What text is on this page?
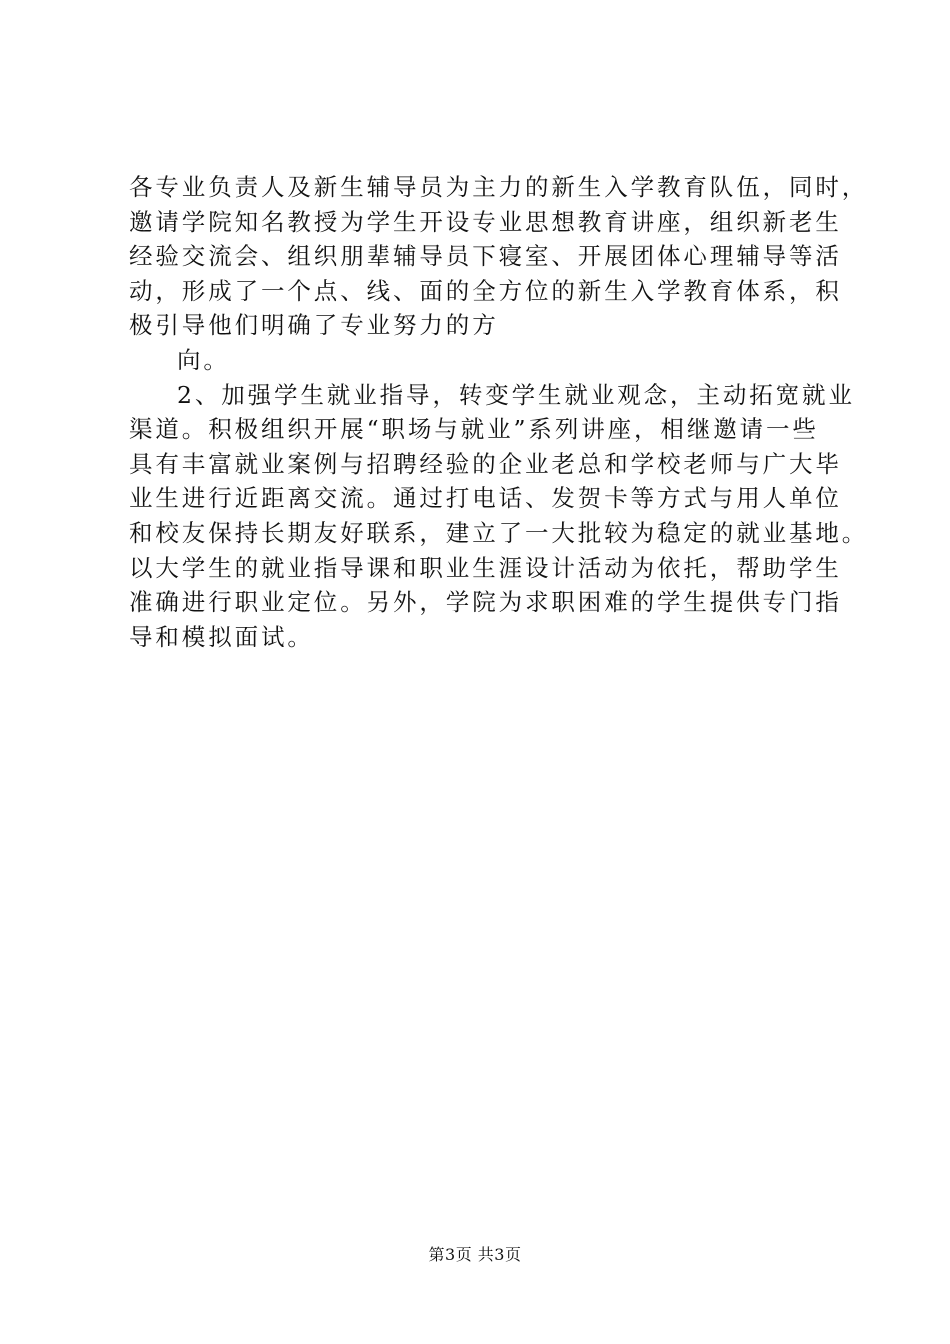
各专业负责人及新生辅导员为主力的新生入学教育队伍，同时，
邀请学院知名教授为学生开设专业思想教育讲座，组织新老生
经验交流会、组织朋辈辅导员下寝室、开展团体心理辅导等活
动，形成了一个点、线、面的全方位的新生入学教育体系，积
极引导他们明确了专业努力的方
向。
2、加强学生就业指导，转变学生就业观念，主动拓宽就业
渠道。积极组织开展“职场与就业”系列讲座，相继邀请一些
具有丰富就业案例与招聘经验的企业老总和学校老师与广大毕
业生进行近距离交流。通过打电话、发贺卡等方式与用人单位
和校友保持长期友好联系，建立了一大批较为稳定的就业基地。
以大学生的就业指导课和职业生涯设计活动为依托，帮助学生
准确进行职业定位。另外，学院为求职困难的学生提供专门指
导和模拟面试。
第3页 共3页
